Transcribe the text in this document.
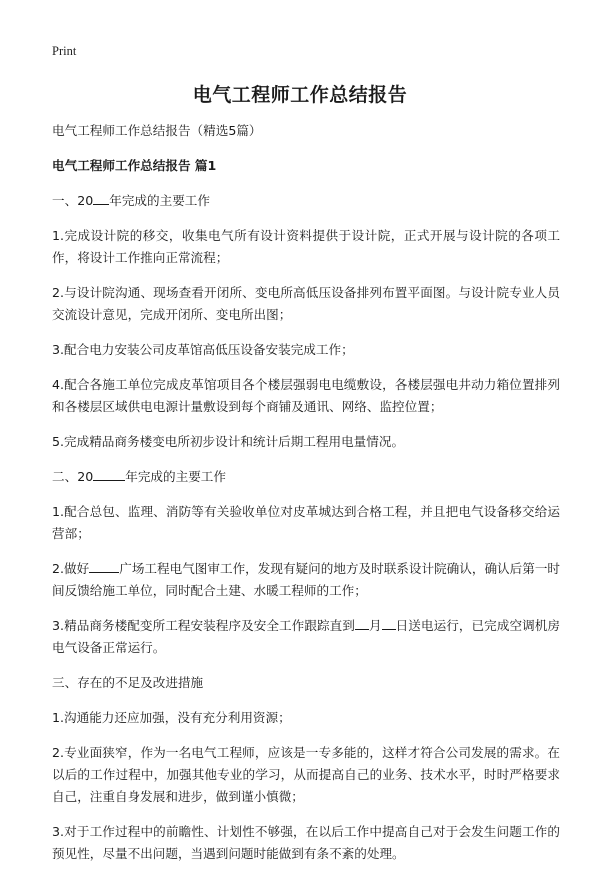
Print

电气工程师工作总结报告

电气工程师工作总结报告（精选5篇）

电气工程师工作总结报告 篇1

一、20 年完成的主要工作

1.完成设计院的移交，收集电气所有设计资料提供于设计院，正式开展与设计院的各项工作，将设计工作推向正常流程；

2.与设计院沟通、现场查看开闭所、变电所高低压设备排列布置平面图。与设计院专业人员交流设计意见，完成开闭所、变电所出图；

3.配合电力安装公司皮革馆高低压设备安装完成工作；

4.配合各施工单位完成皮革馆项目各个楼层强弱电电缆敷设，各楼层强电井动力箱位置排列和各楼层区域供电电源计量敷设到每个商铺及通讯、网络、监控位置；

5.完成精品商务楼变电所初步设计和统计后期工程用电量情况。

二、20	年完成的主要工作

1.配合总包、监理、消防等有关验收单位对皮革城达到合格工程，并且把电气设备移交给运营部；

2.做好 广场工程电气图审工作，发现有疑问的地方及时联系设计院确认，确认后第一时间反馈给施工单位，同时配合土建、水暖工程师的工作；

3.精品商务楼配变所工程安装程序及安全工作跟踪直到 月 日送电运行，已完成空调机房电气设备正常运行。

三、存在的不足及改进措施

1.沟通能力还应加强，没有充分利用资源；

2.专业面狭窄，作为一名电气工程师，应该是一专多能的，这样才符合公司发展的需求。在以后的工作过程中，加强其他专业的学习，从而提高自己的业务、技术水平，时时严格要求自己，注重自身发展和进步，做到谨小慎微；

3.对于工作过程中的前瞻性、计划性不够强，在以后工作中提高自己对于会发生问题工作的预见性，尽量不出问题，当遇到问题时能做到有条不紊的处理。
